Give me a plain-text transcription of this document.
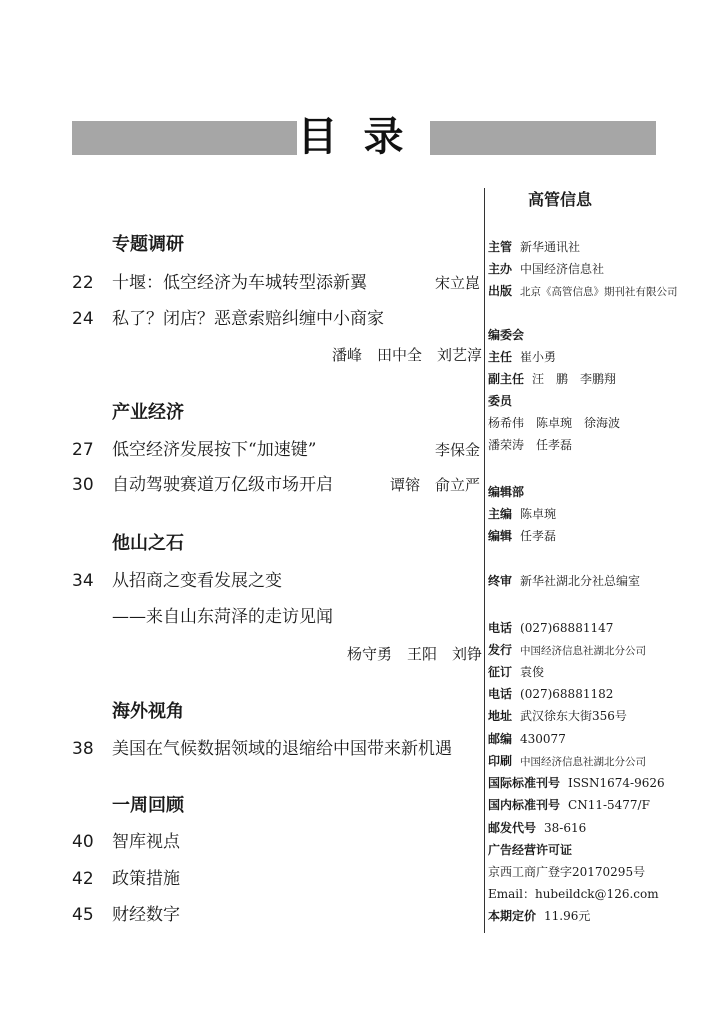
目录
专题调研
22 十堰：低空经济为车城转型添新翼	宋立崑
24 私了？闭店？恶意索赔纠缠中小商家
潘峰　田中全　刘艺淳
产业经济
27 低空经济发展按下“加速键”	李保金
30 自动驾驶赛道万亿级市场开启	谭镕　俞立严
他山之石
34 从招商之变看发展之变
——来自山东菏泽的走访见闻
杨守勇　王阳　刘铮
海外视角
38 美国在气候数据领域的退缩给中国带来新机遇
一周回顾
40 智库视点
42 政策措施
45 财经数字
高管信息
主管 新华通讯社
主办 中国经济信息社
出版 北京《高管信息》期刊社有限公司
编委会
主任 崔小勇
副主任 汪　鹏　李鹏翔
委员
杨希伟　陈卓琬　徐海波
潘荣涛　任孝磊
编辑部
主编 陈卓琬
编辑 任孝磊
终审 新华社湖北分社总编室
电话 (027)68881147
发行 中国经济信息社湖北分公司
征订 袁俊
电话 (027)68881182
地址 武汉徐东大街356号
邮编 430077
印刷 中国经济信息社湖北分公司
国际标准刊号 ISSN1674-9626
国内标准刊号 CN11-5477/F
邮发代号 38-616
广告经营许可证
京西工商广登字20170295号
Email：hubeildck@126.com
本期定价 11.96元
